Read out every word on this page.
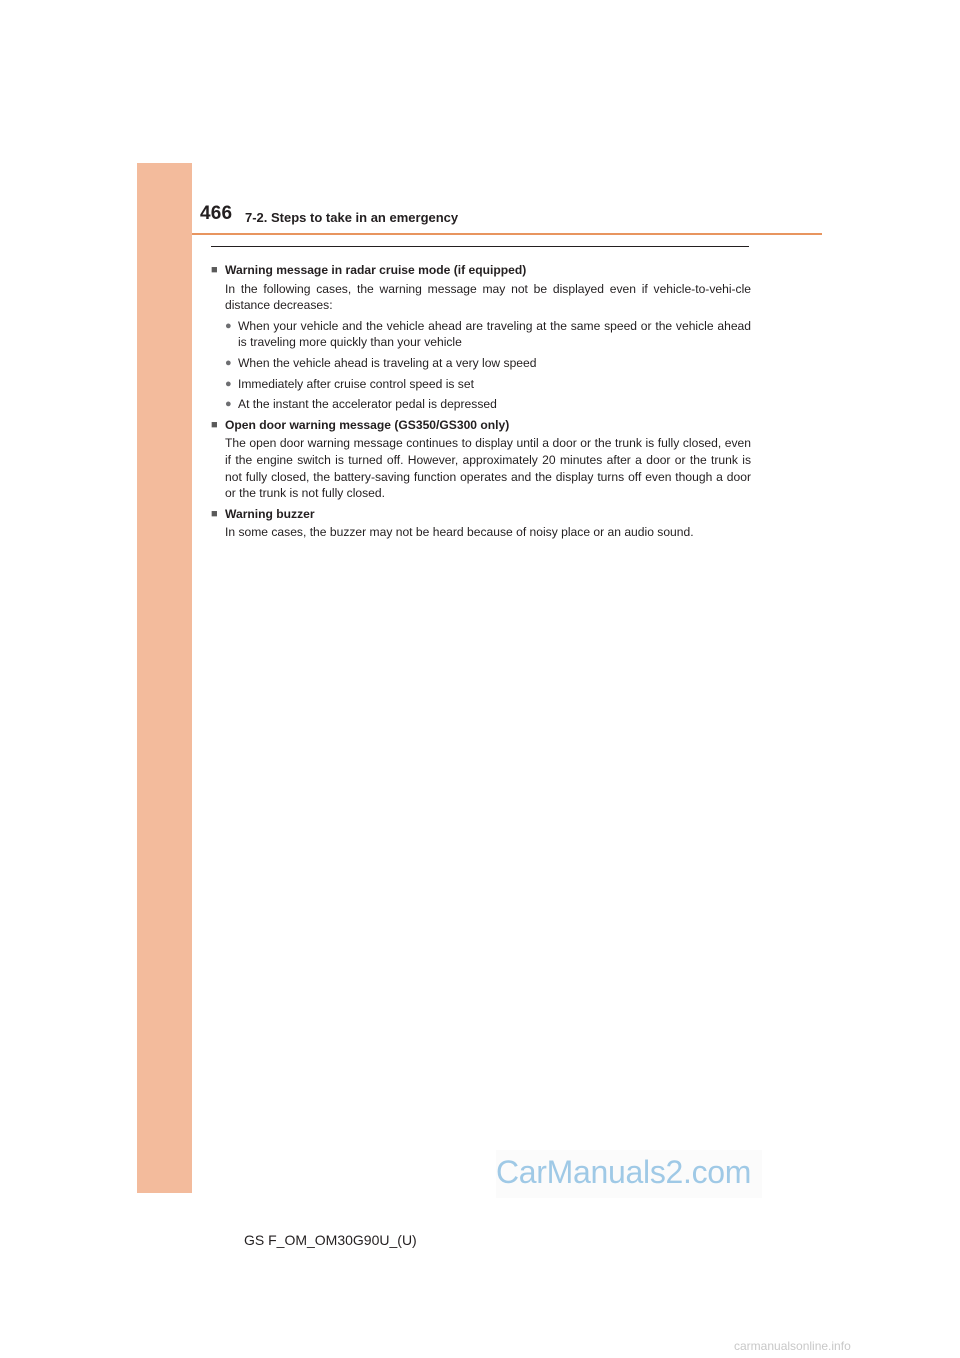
466 7-2. Steps to take in an emergency
■ Warning message in radar cruise mode (if equipped)
In the following cases, the warning message may not be displayed even if vehicle-to-vehi-cle distance decreases:
● When your vehicle and the vehicle ahead are traveling at the same speed or the vehicle ahead is traveling more quickly than your vehicle
● When the vehicle ahead is traveling at a very low speed
● Immediately after cruise control speed is set
● At the instant the accelerator pedal is depressed
■ Open door warning message (GS350/GS300 only)
The open door warning message continues to display until a door or the trunk is fully closed, even if the engine switch is turned off. However, approximately 20 minutes after a door or the trunk is not fully closed, the battery-saving function operates and the display turns off even though a door or the trunk is not fully closed.
■ Warning buzzer
In some cases, the buzzer may not be heard because of noisy place or an audio sound.
CarManuals2.com
GS F_OM_OM30G90U_(U)
carmanualsonline.info
